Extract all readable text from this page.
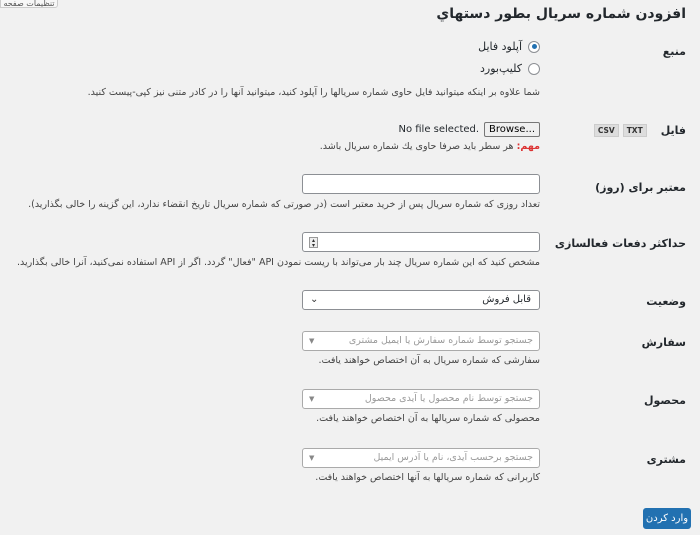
تنظیمات صفحه
افزودن شماره سریال بطور دستهاي
منبع
آپلود فایل
کلیپ‌بورد
شما علاوه بر اینکه میتوانید فایل حاوی شماره سریالها را آپلود کنید، میتوانید آنها را در کادر متنی نیز کپی-پیست کنید.
فایل
TXT
CSV
No file selected.	Browse...
مهم: هر سطر باید صرفا حاوی یك شماره سریال باشد.
معتبر برای (روز)
تعداد روزی که شماره سریال پس از خرید معتبر است (در صورتی که شماره سریال تاریخ انقضاء ندارد، این گزینه را خالی بگذارید).
حداکثر دفعات فعالسازی
▴
▾
مشخص کنید که این شماره سریال چند بار می‌تواند با ریست نمودن API "فعال" گردد. اگر از API استفاده نمی‌کنید، آنرا خالی بگذارید.
وضعیت
قابل فروش
⌄
سفارش
جستجو توسط شماره سفارش یا ایمیل مشتری
▼
سفارشی که شماره سریال به آن اختصاص خواهند یافت.
محصول
جستجو توسط نام محصول یا آیدی محصول
▼
محصولی که شماره سریالها به آن اختصاص خواهند یافت.
مشتری
جستجو برحسب آیدی، نام یا آدرس ایمیل
▼
کاربرانی که شماره سریالها به آنها اختصاص خواهند یافت.
وارد کردن
